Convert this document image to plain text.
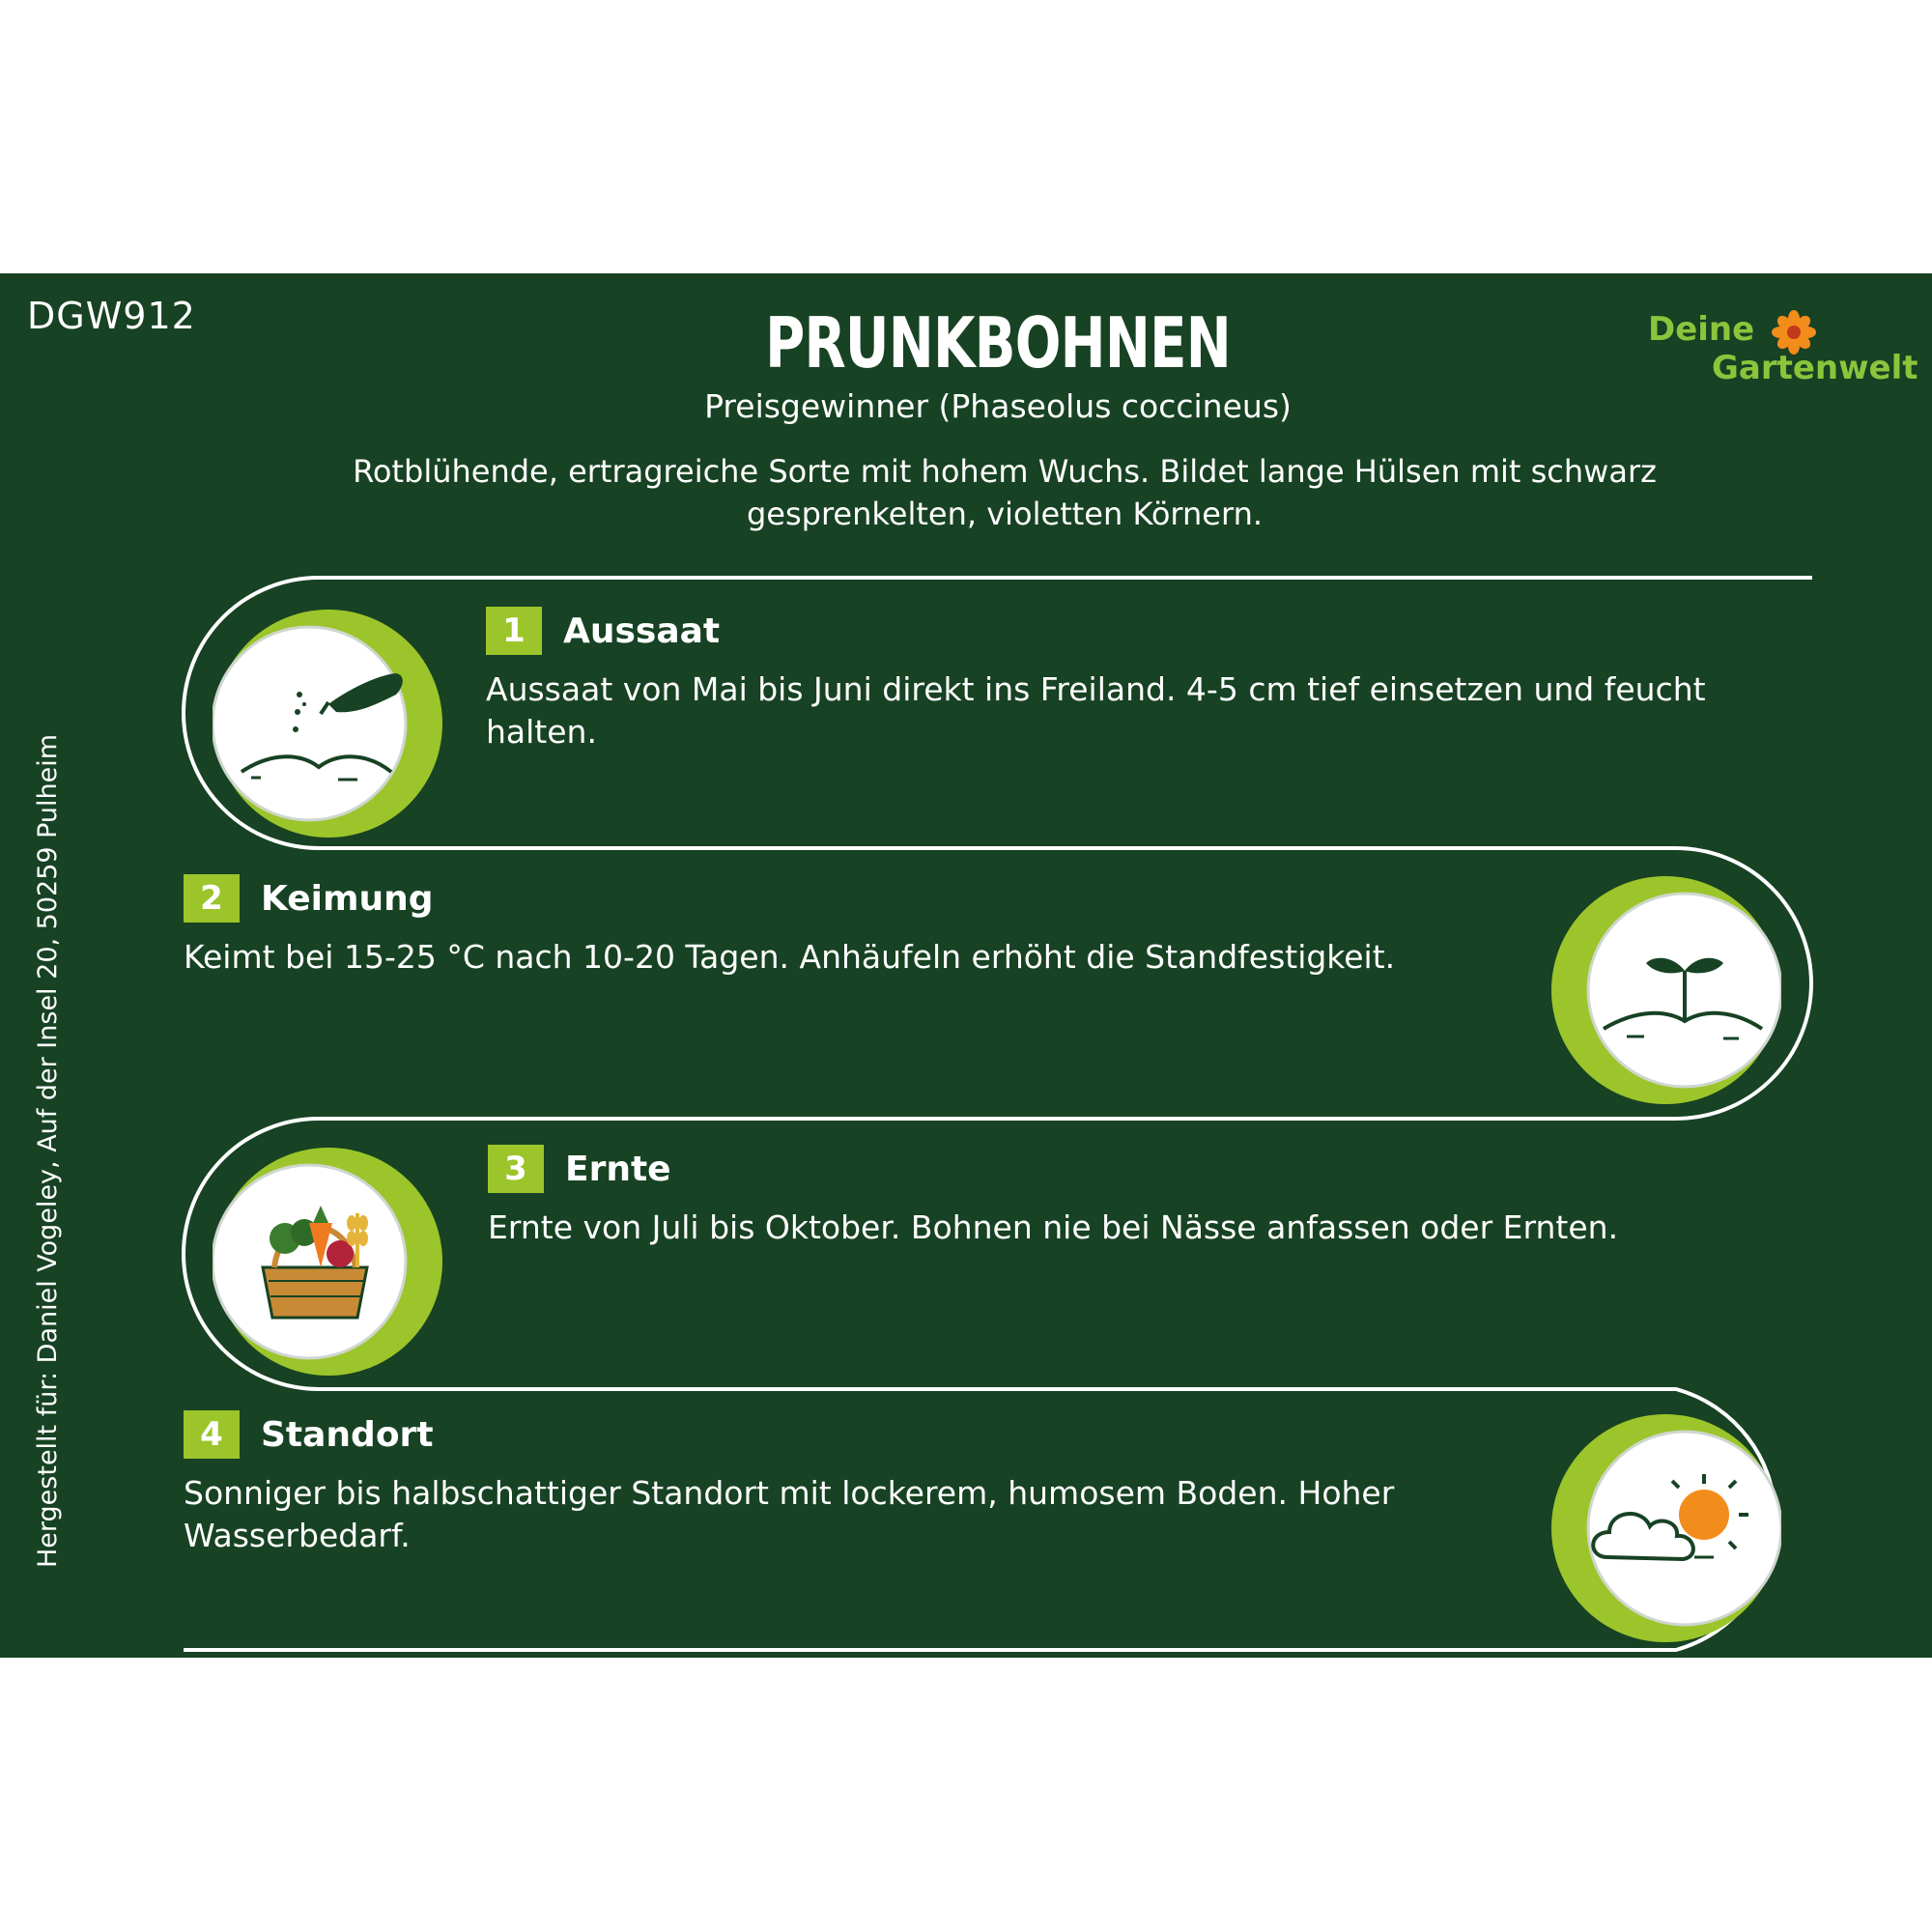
DGW912	PRUNKBOHNEN
Preisgewinner (Phaseolus coccineus)
Rotblühende, ertragreiche Sorte mit hohem Wuchs. Bildet lange Hülsen mit schwarz gesprenkelten, violetten Körnern.
Deine
Gartenwelt
Hergestellt für: Daniel Vogeley, Auf der Insel 20, 50259 Pulheim
1	Aussaat
Aussaat von Mai bis Juni direkt ins Freiland. 4-5 cm tief einsetzen und feucht halten.
2	Keimung
Keimt bei 15-25 °C nach 10-20 Tagen. Anhäufeln erhöht die Standfestigkeit.
3	Ernte
Ernte von Juli bis Oktober. Bohnen nie bei Nässe anfassen oder Ernten.
4	Standort
Sonniger bis halbschattiger Standort mit lockerem, humosem Boden. Hoher Wasserbedarf.
